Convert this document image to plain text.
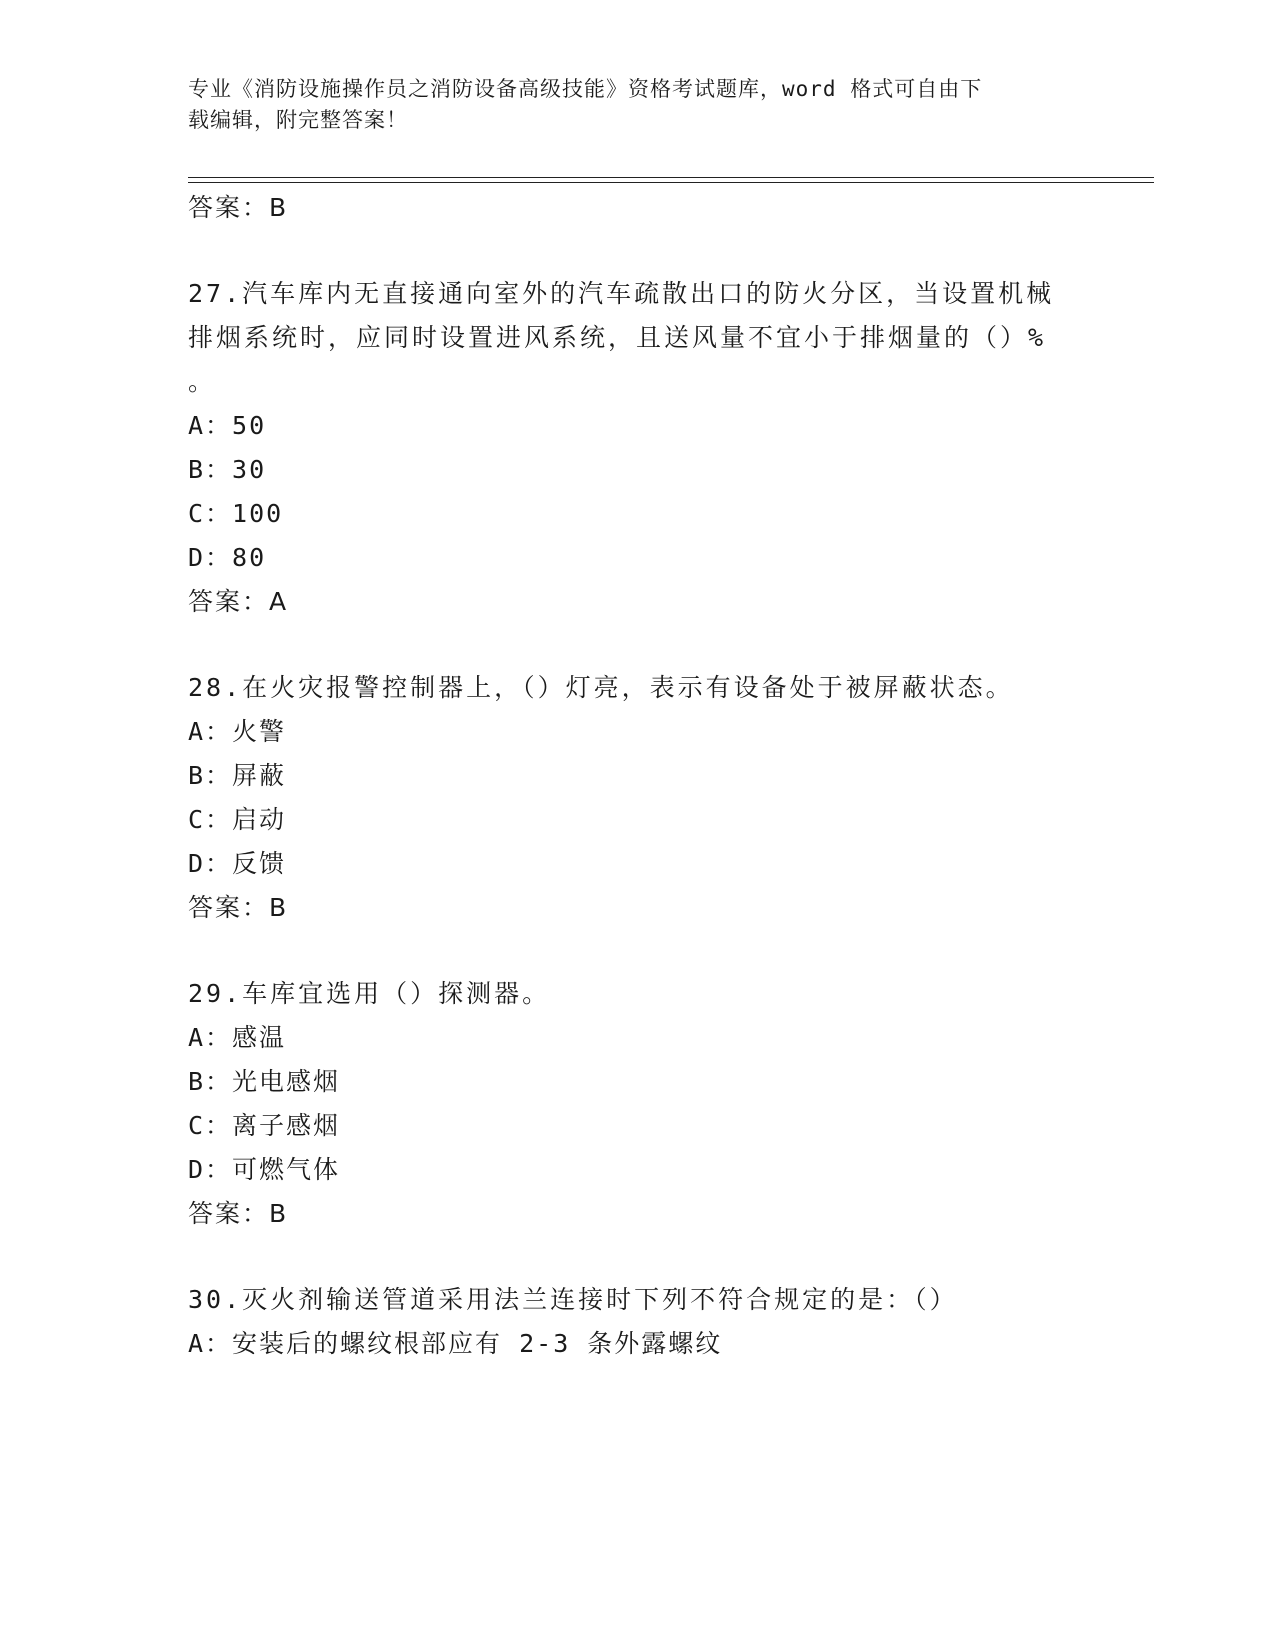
专业《消防设施操作员之消防设备高级技能》资格考试题库，word 格式可自由下
载编辑，附完整答案！
答案：B
27.汽车库内无直接通向室外的汽车疏散出口的防火分区，当设置机械
排烟系统时，应同时设置进风系统，且送风量不宜小于排烟量的（）%
。
A：50
B：30
C：100
D：80
答案：A
28.在火灾报警控制器上，（）灯亮，表示有设备处于被屏蔽状态。
A：火警
B：屏蔽
C：启动
D：反馈
答案：B
29.车库宜选用（）探测器。
A：感温
B：光电感烟
C：离子感烟
D：可燃气体
答案：B
30.灭火剂输送管道采用法兰连接时下列不符合规定的是：（）
A：安装后的螺纹根部应有 2-3 条外露螺纹
